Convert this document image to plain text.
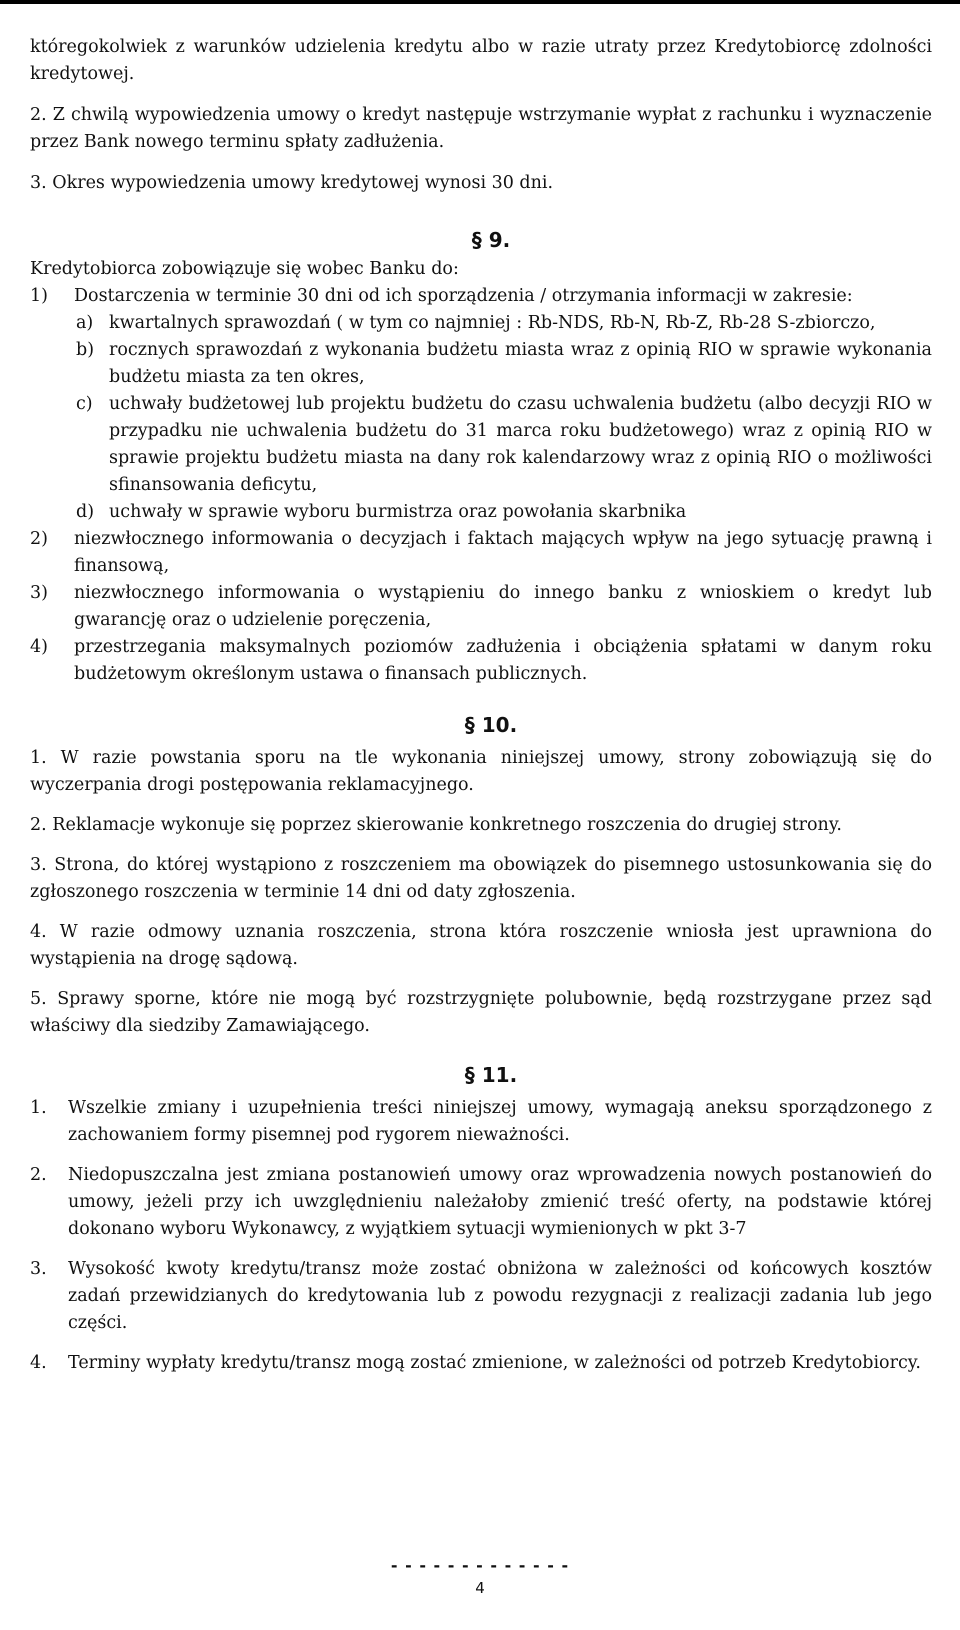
któregokolwiek z warunków udzielenia kredytu albo w razie utraty przez Kredytobiorcę zdolności kredytowej.

2. Z chwilą wypowiedzenia umowy o kredyt następuje wstrzymanie wypłat z rachunku i wyznaczenie przez Bank nowego terminu spłaty zadłużenia.

3. Okres wypowiedzenia umowy kredytowej wynosi 30 dni.

§ 9.

Kredytobiorca zobowiązuje się wobec Banku do:

1)	Dostarczenia w terminie 30 dni od ich sporządzenia / otrzymania informacji w zakresie:
a) kwartalnych sprawozdań ( w tym co najmniej : Rb-NDS, Rb-N, Rb-Z, Rb-28 S-zbiorczo,
b) rocznych sprawozdań z wykonania budżetu miasta wraz z opinią RIO w sprawie wykonania budżetu miasta za ten okres,
c) uchwały budżetowej lub projektu budżetu do czasu uchwalenia budżetu (albo decyzji RIO w przypadku nie uchwalenia budżetu do 31 marca roku budżetowego) wraz z opinią RIO w sprawie projektu budżetu miasta na dany rok kalendarzowy wraz z opinią RIO o możliwości sfinansowania deficytu,
d) uchwały w sprawie wyboru burmistrza oraz powołania skarbnika
2)	niezwłocznego informowania o decyzjach i faktach mających wpływ na jego sytuację prawną i finansową,
3)	niezwłocznego informowania o wystąpieniu do innego banku z wnioskiem o kredyt lub gwarancję oraz o udzielenie poręczenia,
4)	przestrzegania maksymalnych poziomów zadłużenia i obciążenia spłatami w danym roku budżetowym określonym ustawa o finansach publicznych.
§ 10.
1. W razie powstania sporu na tle wykonania niniejszej umowy, strony zobowiązują się do wyczerpania drogi postępowania reklamacyjnego.
2. Reklamacje wykonuje się poprzez skierowanie konkretnego roszczenia do drugiej strony.
3. Strona, do której wystąpiono z roszczeniem ma obowiązek do pisemnego ustosunkowania się do zgłoszonego roszczenia w terminie 14 dni od daty zgłoszenia.
4. W razie odmowy uznania roszczenia, strona która roszczenie wniosła jest uprawniona do wystąpienia na drogę sądową.
5. Sprawy sporne, które nie mogą być rozstrzygnięte polubownie, będą rozstrzygane przez sąd właściwy dla siedziby Zamawiającego.
§ 11.
1.	Wszelkie zmiany i uzupełnienia treści niniejszej umowy, wymagają aneksu sporządzonego z zachowaniem formy pisemnej pod rygorem nieważności.
2.	Niedopuszczalna jest zmiana postanowień umowy oraz wprowadzenia nowych postanowień do umowy, jeżeli przy ich uwzględnieniu należałoby zmienić treść oferty, na podstawie której dokonano wyboru Wykonawcy, z wyjątkiem sytuacji wymienionych w pkt 3-7
3.	Wysokość kwoty kredytu/transz może zostać obniżona w zależności od końcowych kosztów zadań przewidzianych do kredytowania lub z powodu rezygnacji z realizacji zadania lub jego części.
4.	Terminy wypłaty kredytu/transz mogą zostać zmienione, w zależności od potrzeb Kredytobiorcy.
- - - - - - - - - - - - -
4
